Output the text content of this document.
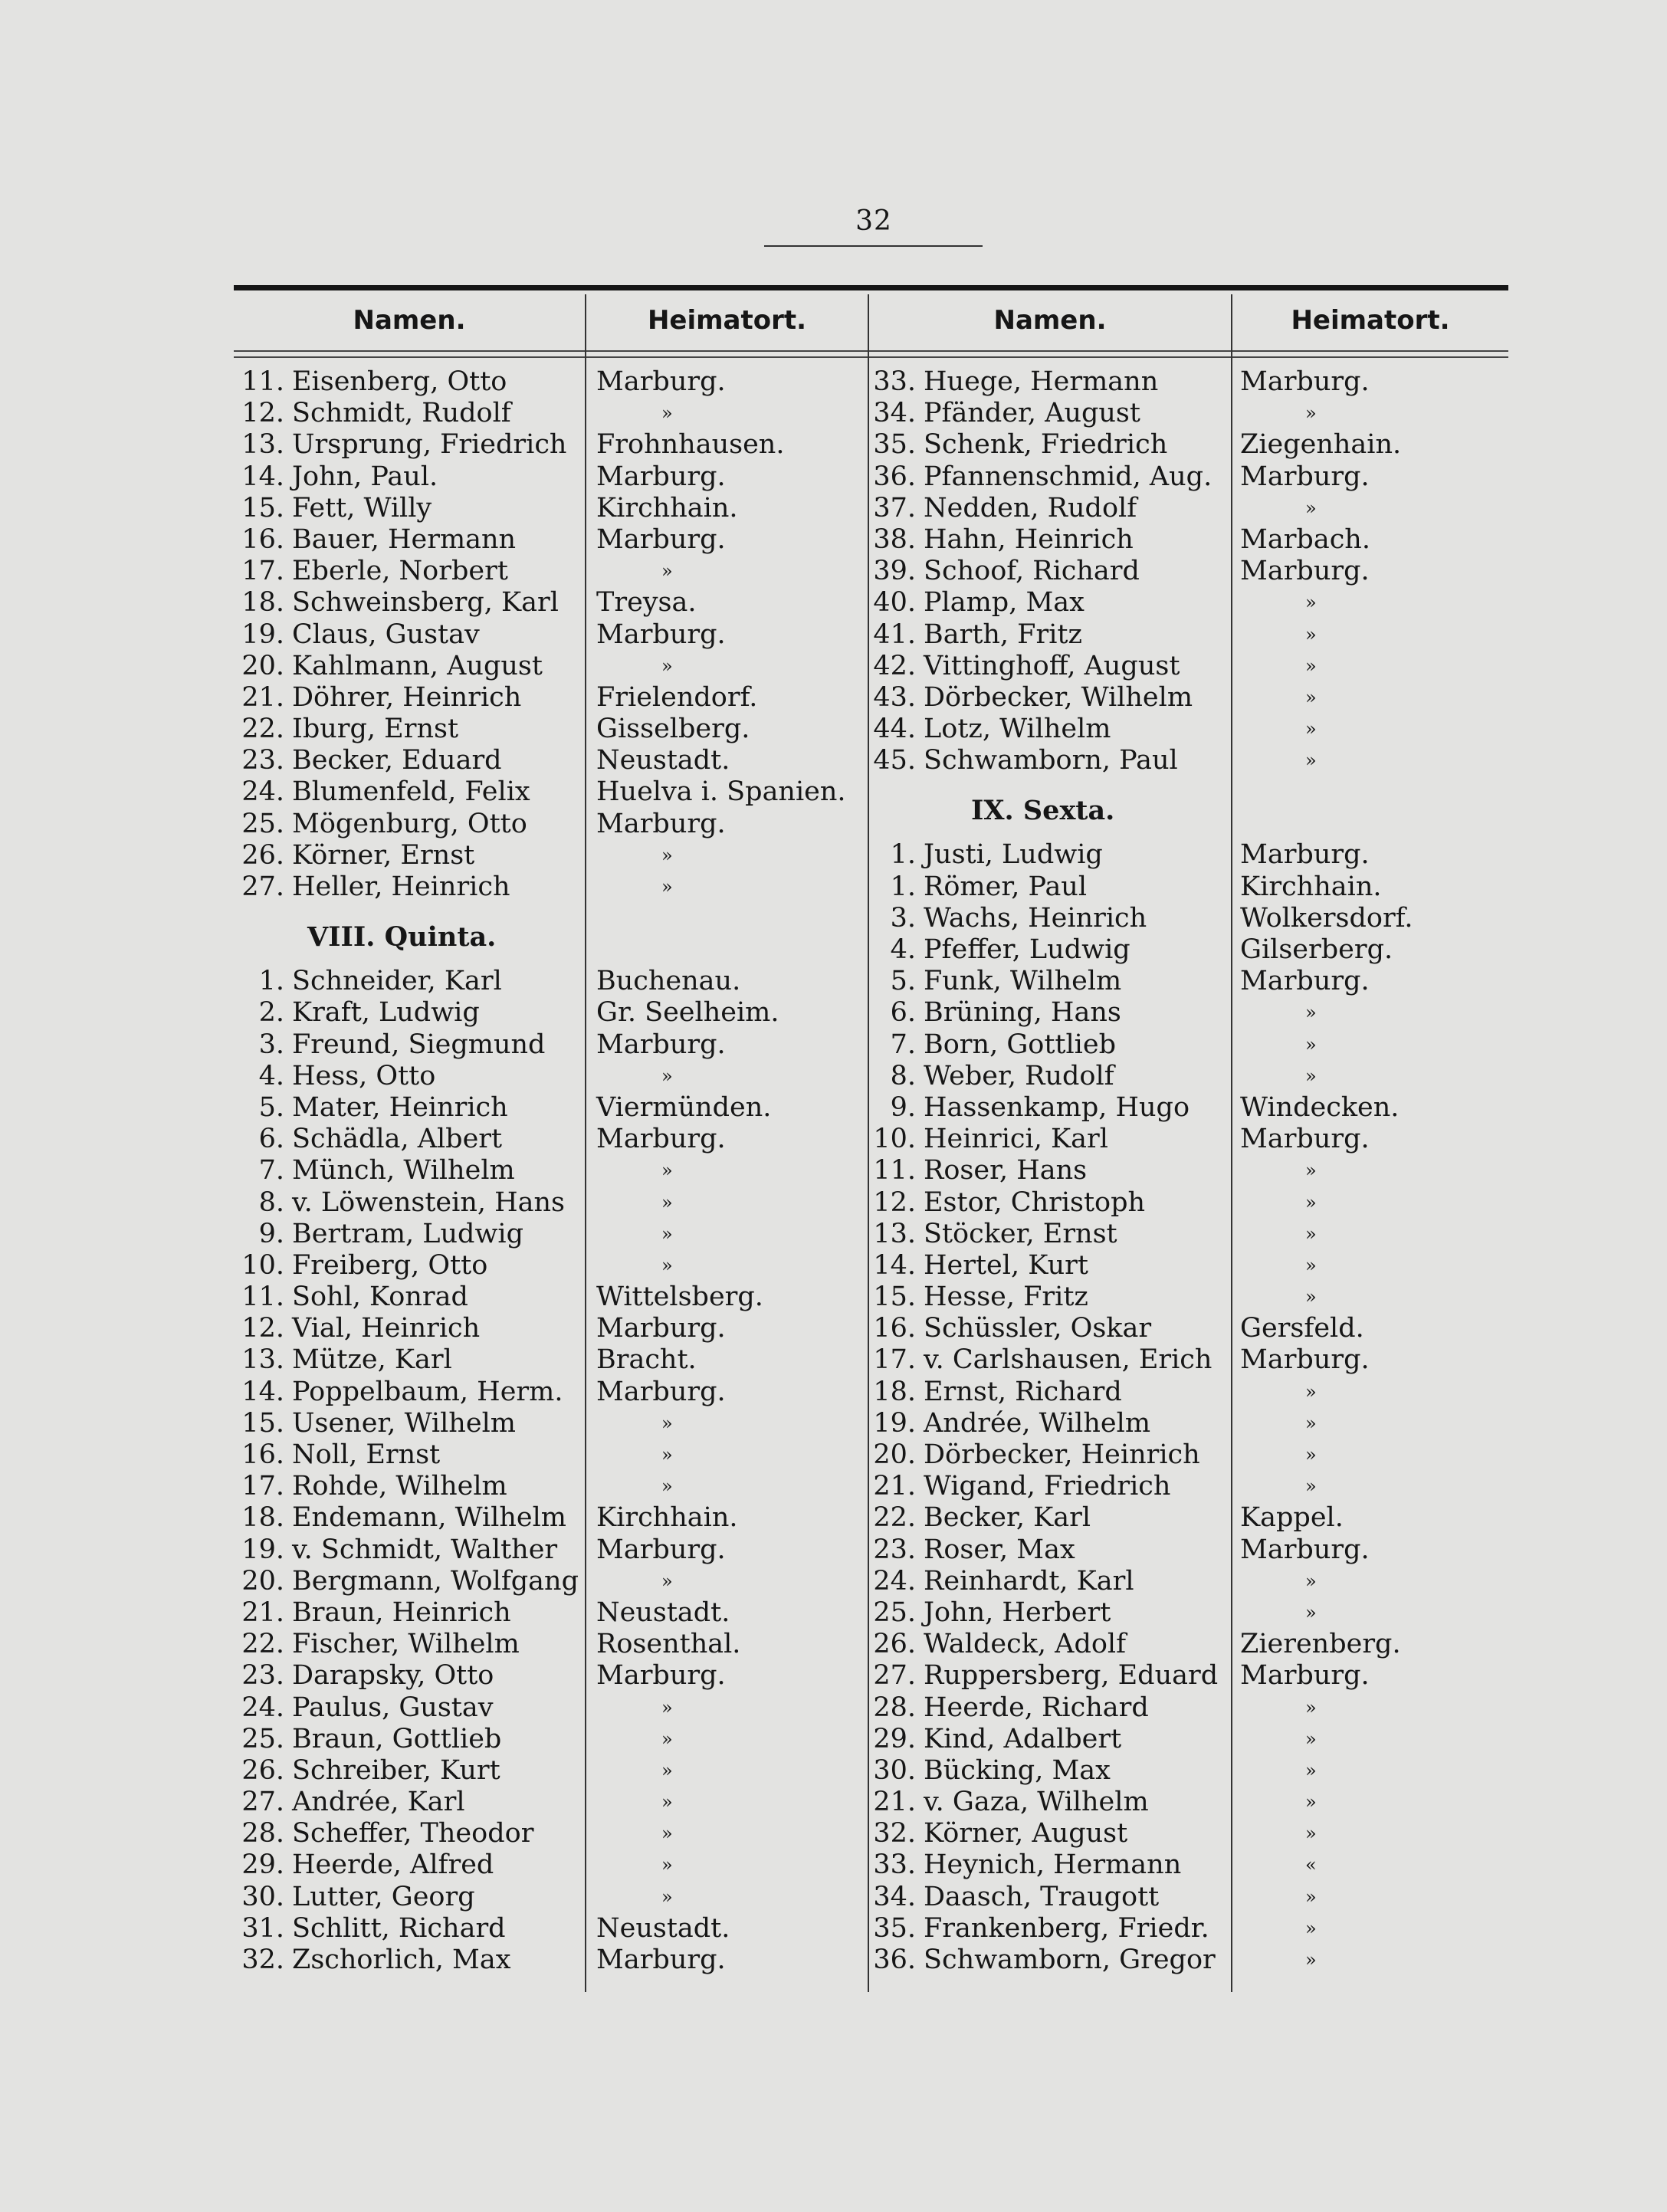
32
Namen.	Heimatort.	Namen.	Heimatort.
11. Eisenberg, Otto	Marburg.
12. Schmidt, Rudolf	»
13. Ursprung, Friedrich Frohnhausen.
14. John, Paul.	Marburg.
15. Fett, Willy	Kirchhain.
16. Bauer, Hermann	Marburg.
17. Eberle, Norbert	»
18. Schweinsberg, Karl Treysa.
19. Claus, Gustav	Marburg.
20. Kahlmann, August	»
21. Döhrer, Heinrich	Frielendorf.
22. Iburg, Ernst	Gisselberg.
23. Becker, Eduard	Neustadt.
24. Blumenfeld, Felix Huelva i. Spanien.
25. Mögenburg, Otto	Marburg.
26. Körner, Ernst	»
27. Heller, Heinrich	»
VIII. Quinta.
1. Schneider, Karl	Buchenau.
2. Kraft, Ludwig	Gr. Seelheim.
3. Freund, Siegmund Marburg.
4. Hess, Otto	»
5. Mater, Heinrich	Viermünden.
6. Schädla, Albert	Marburg.
7. Münch, Wilhelm	»
8. v. Löwenstein, Hans	»
9. Bertram, Ludwig	»
10. Freiberg, Otto	»
11. Sohl, Konrad	Wittelsberg.
12. Vial, Heinrich	Marburg.
13. Mütze, Karl	Bracht.
14. Poppelbaum, Herm. Marburg.
15. Usener, Wilhelm	»
16. Noll, Ernst	»
17. Rohde, Wilhelm	»
18. Endemann, Wilhelm Kirchhain.
19. v. Schmidt, Walther Marburg.
20. Bergmann, Wolfgang	»
21. Braun, Heinrich	Neustadt.
22. Fischer, Wilhelm	Rosenthal.
23. Darapsky, Otto	Marburg.
24. Paulus, Gustav	»
25. Braun, Gottlieb	»
26. Schreiber, Kurt	»
27. Andrée, Karl	»
28. Scheffer, Theodor	»
29. Heerde, Alfred	»
30. Lutter, Georg	»
31. Schlitt, Richard	Neustadt.
32. Zschorlich, Max	Marburg.
33. Huege, Hermann	Marburg.
34. Pfänder, August	»
35. Schenk, Friedrich	Ziegenhain.
36. Pfannenschmid, Aug. Marburg.
37. Nedden, Rudolf	»
38. Hahn, Heinrich	Marbach.
39. Schoof, Richard	Marburg.
40. Plamp, Max	»
41. Barth, Fritz	»
42. Vittinghoff, August	»
43. Dörbecker, Wilhelm	»
44. Lotz, Wilhelm	»
45. Schwamborn, Paul	»
IX. Sexta.
1. Justi, Ludwig	Marburg.
1. Römer, Paul	Kirchhain.
3. Wachs, Heinrich	Wolkersdorf.
4. Pfeffer, Ludwig	Gilserberg.
5. Funk, Wilhelm	Marburg.
6. Brüning, Hans	»
7. Born, Gottlieb	»
8. Weber, Rudolf	»
9. Hassenkamp, Hugo Windecken.
10. Heinrici, Karl	Marburg.
11. Roser, Hans	»
12. Estor, Christoph	»
13. Stöcker, Ernst	»
14. Hertel, Kurt	»
15. Hesse, Fritz	»
16. Schüssler, Oskar	Gersfeld.
17. v. Carlshausen, Erich Marburg.
18. Ernst, Richard	»
19. Andrée, Wilhelm	»
20. Dörbecker, Heinrich	»
21. Wigand, Friedrich	»
22. Becker, Karl	Kappel.
23. Roser, Max	Marburg.
24. Reinhardt, Karl	»
25. John, Herbert	»
26. Waldeck, Adolf	Zierenberg.
27. Ruppersberg, Eduard Marburg.
28. Heerde, Richard	»
29. Kind, Adalbert	»
30. Bücking, Max	»
21. v. Gaza, Wilhelm	»
32. Körner, August	»
33. Heynich, Hermann	«
34. Daasch, Traugott	»
35. Frankenberg, Friedr.	»
36. Schwamborn, Gregor	»
